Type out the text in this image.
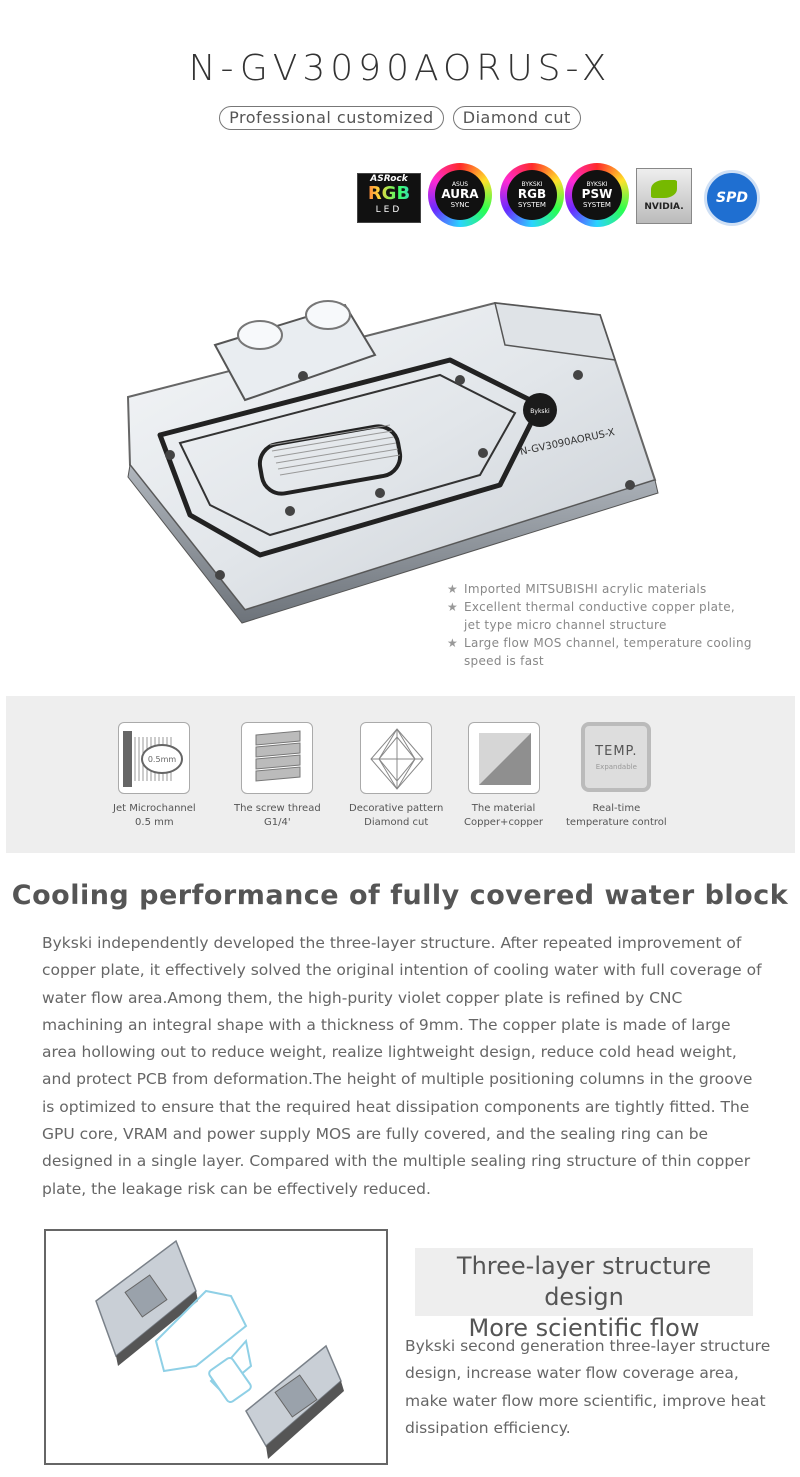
N-GV3090AORUS-X
Professional customized Diamond cut
ASRock
RGB
LED
ASUS
AURA
SYNC
BYKSKI
RGB
SYSTEM
BYKSKI
PSW
SYSTEM	NVIDIA.
SPD
Bykski
N-GV3090AORUS-X
★ Imported MITSUBISHI acrylic materials
★ Excellent thermal conductive copper plate,
jet type micro channel structure
★ Large flow MOS channel, temperature cooling
speed is fast
0.5mm
Jet Microchannel
0.5 mm
The screw thread
G1/4'
Decorative pattern
Diamond cut
The material
Copper+copper
TEMP.
Expandable
Real-time
temperature control
Cooling performance of fully covered water block
Bykski independently developed the three-layer structure. After repeated improvement of copper plate, it effectively solved the original intention of cooling water with full coverage of water flow area.Among them, the high-purity violet copper plate is refined by CNC machining an integral shape with a thickness of 9mm. The copper plate is made of large area hollowing out to reduce weight, realize lightweight design, reduce cold head weight, and protect PCB from deformation.The height of multiple positioning columns in the groove is optimized to ensure that the required heat dissipation components are tightly fitted. The GPU core, VRAM and power supply MOS are fully covered, and the sealing ring can be designed in a single layer. Compared with the multiple sealing ring structure of thin copper plate, the leakage risk can be effectively reduced.
Three-layer structure design
More scientific flow
Bykski second generation three-layer structure design, increase water flow coverage area, make water flow more scientific, improve heat dissipation efficiency.
